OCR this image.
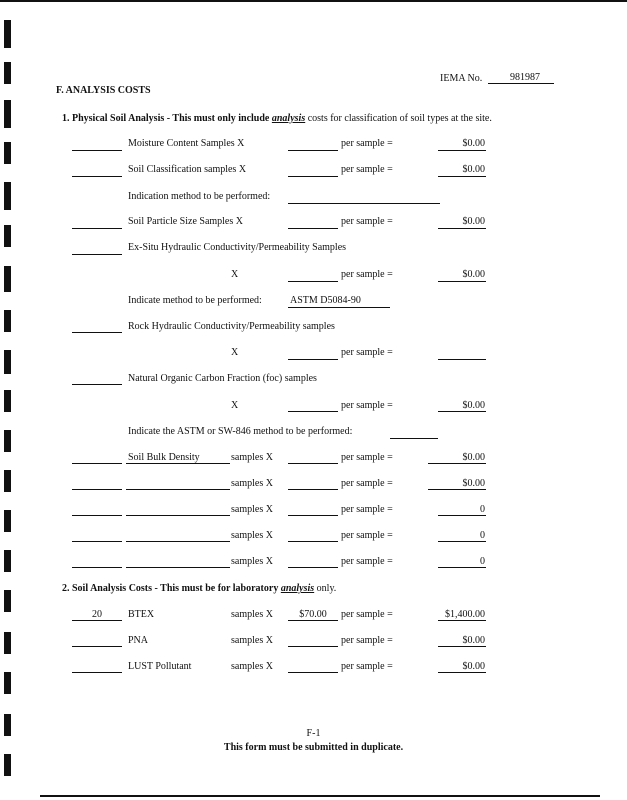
IEMA No.	981987
F. ANALYSIS COSTS
1. Physical Soil Analysis - This must only include analysis costs for classification of soil types at the site.
Moisture Content Samples X	per sample =	$0.00
Soil Classification samples X	per sample =	$0.00
Indication method to be performed:
Soil Particle Size Samples X	per sample =	$0.00
Ex-Situ Hydraulic Conductivity/Permeability Samples
X	per sample =	$0.00
Indicate method to be performed:	ASTM D5084-90
Rock Hydraulic Conductivity/Permeability samples
X	per sample =
Natural Organic Carbon Fraction (foc) samples
X	per sample =	$0.00
Indicate the ASTM or SW-846 method to be performed:
Soil Bulk Density	samples X	per sample =	$0.00
samples X	per sample =	$0.00
samples X	per sample =	0
samples X	per sample =	0
samples X	per sample =	0
2. Soil Analysis Costs - This must be for laboratory analysis only.
20	BTEX	samples X	$70.00	per sample =	$1,400.00
PNA	samples X	per sample =	$0.00
LUST Pollutant	samples X	per sample =	$0.00
F-1
This form must be submitted in duplicate.
